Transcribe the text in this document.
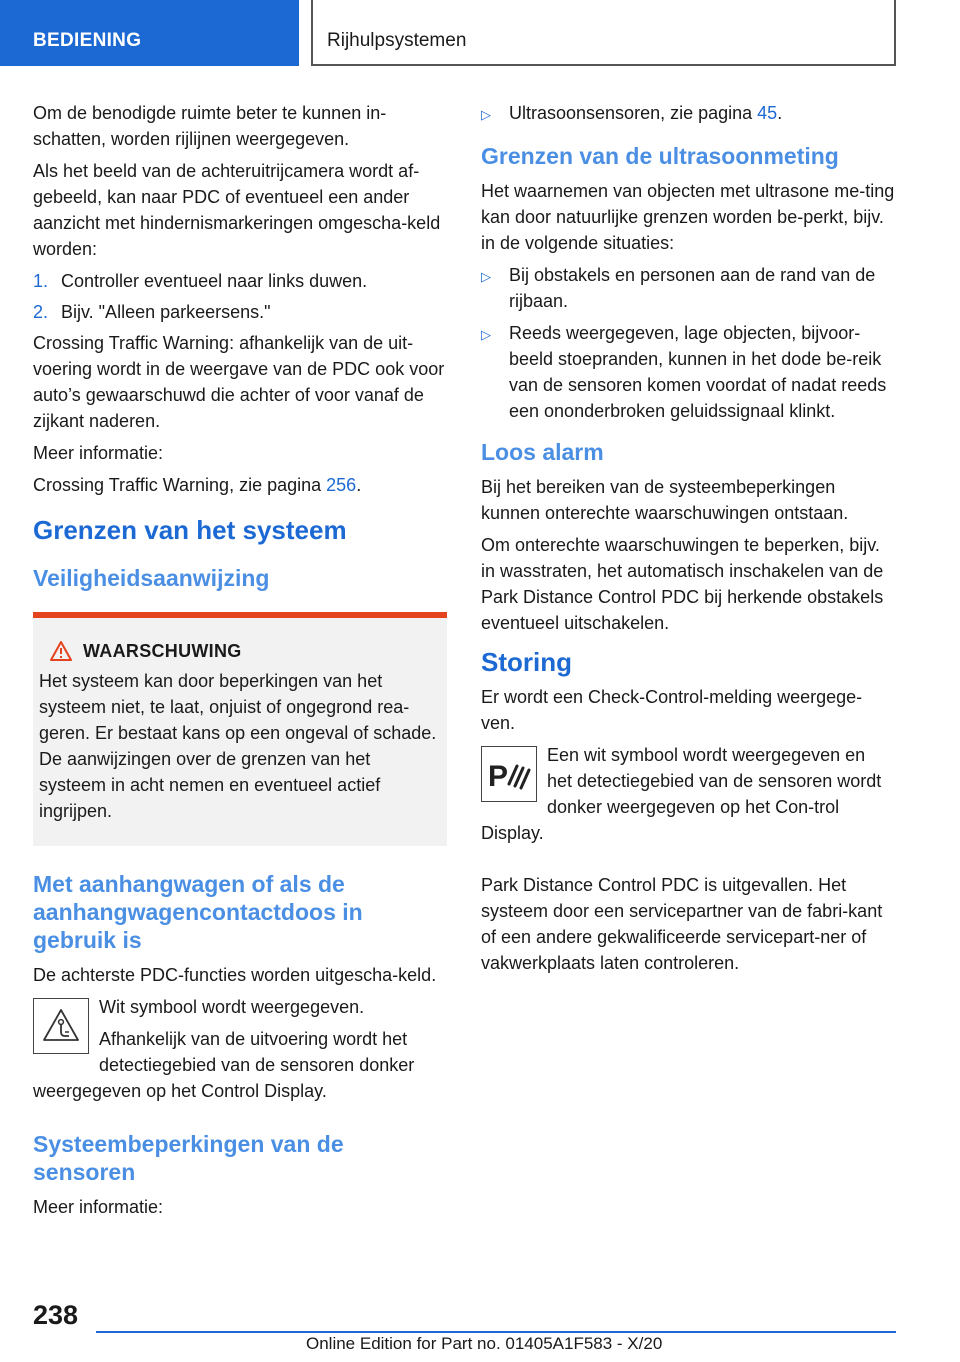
BEDIENING	Rijhulpsystemen

Om de benodigde ruimte beter te kunnen in-schatten, worden rijlijnen weergegeven.

Als het beeld van de achteruitrijcamera wordt af-gebeeld, kan naar PDC of eventueel een ander aanzicht met hindernismarkeringen omgescha-keld worden:

1. Controller eventueel naar links duwen.
2. Bijv. "Alleen parkeersens."

Crossing Traffic Warning: afhankelijk van de uit-voering wordt in de weergave van de PDC ook voor auto’s gewaarschuwd die achter of voor vanaf de zijkant naderen.

Meer informatie:

Crossing Traffic Warning, zie pagina 256.

Grenzen van het systeem
Veiligheidsaanwijzing
WAARSCHUWING
Het systeem kan door beperkingen van het systeem niet, te laat, onjuist of ongegrond rea-geren. Er bestaat kans op een ongeval of schade. De aanwijzingen over de grenzen van het systeem in acht nemen en eventueel actief ingrijpen.
Met aanhangwagen of als de aanhangwagencontactdoos in gebruik is

De achterste PDC-functies worden uitgescha-keld.

Wit symbool wordt weergegeven.

Afhankelijk van de uitvoering wordt het detectiegebied van de sensoren donker weergegeven op het Control Display.

Systeembeperkingen van de sensoren

Meer informatie:

▷	Ultrasoonsensoren, zie pagina 45.
Grenzen van de ultrasoonmeting

Het waarnemen van objecten met ultrasone me-ting kan door natuurlijke grenzen worden be-perkt, bijv. in de volgende situaties:

▷	Bij obstakels en personen aan de rand van de rijbaan.
▷	Reeds weergegeven, lage objecten, bijvoor-beeld stoepranden, kunnen in het dode be-reik van de sensoren komen voordat of nadat reeds een ononderbroken geluidssignaal klinkt.
Loos alarm

Bij het bereiken van de systeembeperkingen kunnen onterechte waarschuwingen ontstaan.

Om onterechte waarschuwingen te beperken, bijv. in wasstraten, het automatisch inschakelen van de Park Distance Control PDC bij herkende obstakels eventueel uitschakelen.

Storing

Er wordt een Check-Control-melding weergege-ven.

P

Een wit symbool wordt weergegeven en het detectiegebied van de sensoren wordt donker weergegeven op het Con-trol Display.

Park Distance Control PDC is uitgevallen. Het systeem door een servicepartner van de fabri-kant of een andere gekwalificeerde servicepart-ner of vakwerkplaats laten controleren.

238
Online Edition for Part no. 01405A1F583 - X/20
